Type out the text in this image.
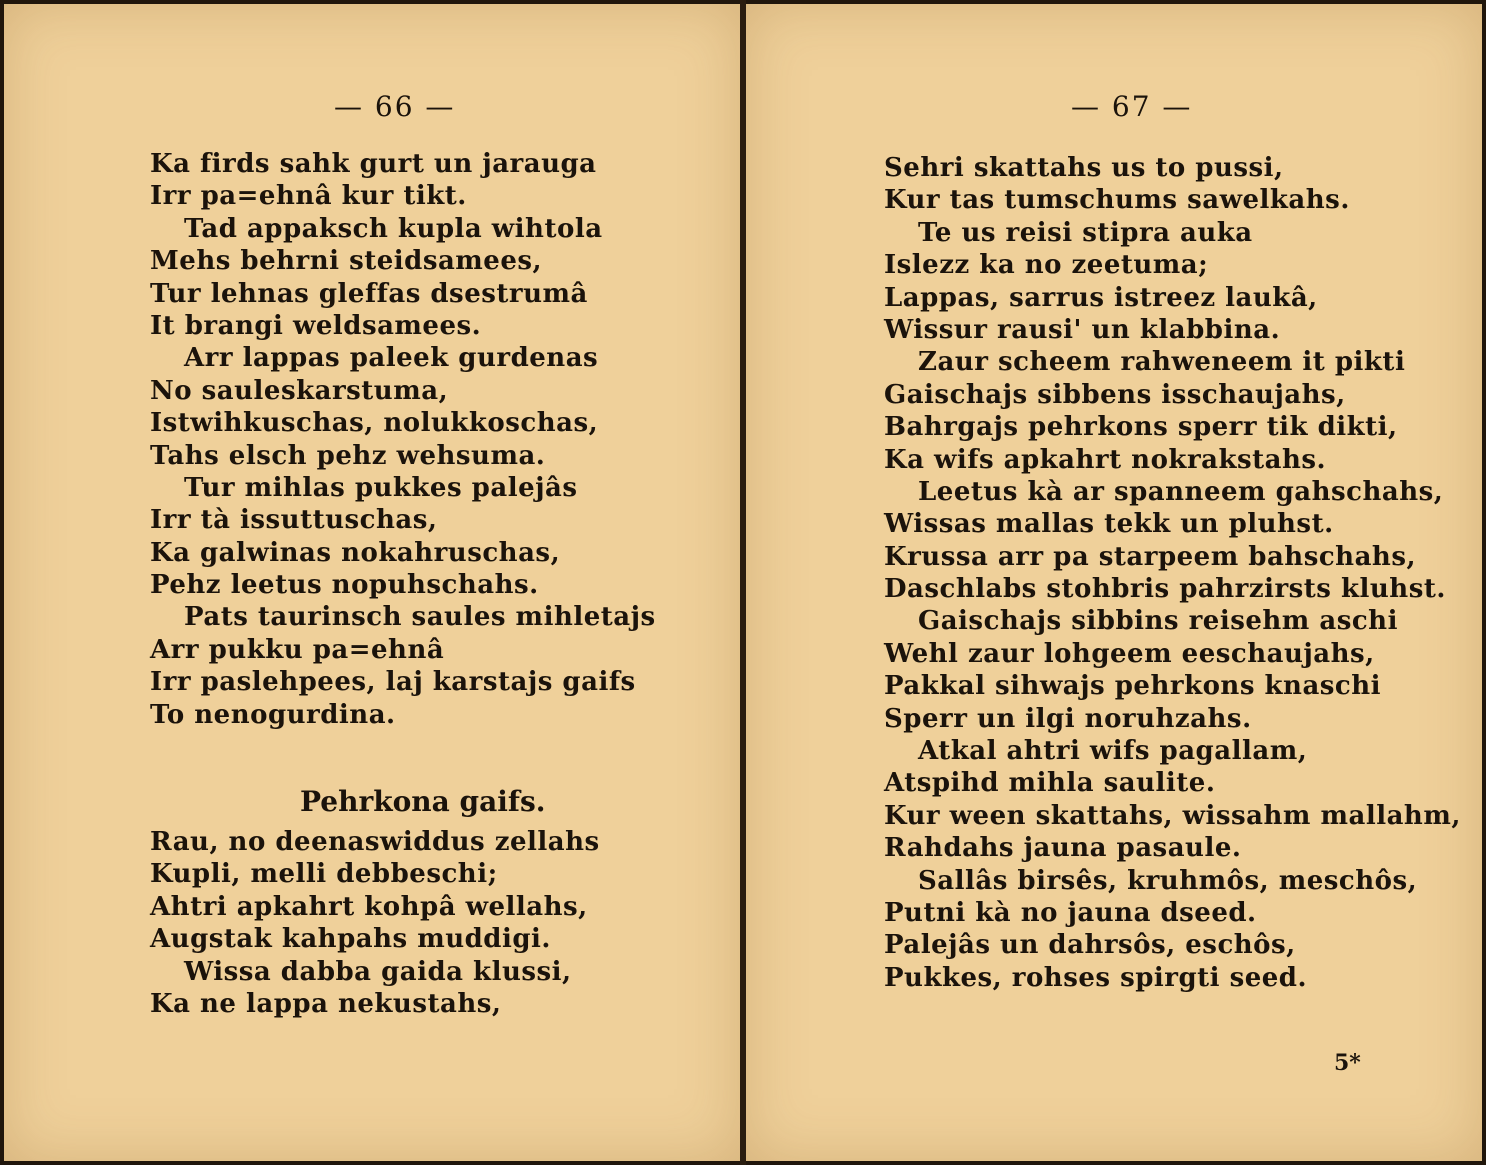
— 66 —
Ka firds sahk gurt un jarauga
Irr pa=ehnâ kur tikt.
Tad appaksch kupla wihtola
Mehs behrni steidsamees,
Tur lehnas gleffas dsestrumâ
It brangi weldsamees.
Arr lappas paleek gurdenas
No sauleskarstuma,
Istwihkuschas, nolukkoschas,
Tahs elsch pehz wehsuma.
Tur mihlas pukkes palejâs
Irr tà issuttuschas,
Ka galwinas nokahruschas,
Pehz leetus nopuhschahs.
Pats taurinsch saules mihletajs
Arr pukku pa=ehnâ
Irr paslehpees, laj karstajs gaifs
To nenogurdina.
Pehrkona gaifs.
Rau, no deenaswiddus zellahs
Kupli, melli debbeschi;
Ahtri apkahrt kohpâ wellahs,
Augstak kahpahs muddigi.
Wissa dabba gaida klussi,
Ka ne lappa nekustahs,
— 67 —
Sehri skattahs us to pussi,
Kur tas tumschums sawelkahs.
Te us reisi stipra auka
Islezz ka no zeetuma;
Lappas, sarrus istreez laukâ,
Wissur rausi' un klabbina.
Zaur scheem rahweneem it pikti
Gaischajs sibbens isschaujahs,
Bahrgajs pehrkons sperr tik dikti,
Ka wifs apkahrt nokrakstahs.
Leetus kà ar spanneem gahschahs,
Wissas mallas tekk un pluhst.
Krussa arr pa starpeem bahschahs,
Daschlabs stohbris pahrzirsts kluhst.
Gaischajs sibbins reisehm aschi
Wehl zaur lohgeem eeschaujahs,
Pakkal sihwajs pehrkons knaschi
Sperr un ilgi noruhzahs.
Atkal ahtri wifs pagallam,
Atspihd mihla saulite.
Kur ween skattahs, wissahm mallahm,
Rahdahs jauna pasaule.
Sallâs birsês, kruhmôs, meschôs,
Putni kà no jauna dseed.
Palejâs un dahrsôs, eschôs,
Pukkes, rohses spirgti seed.
5*
